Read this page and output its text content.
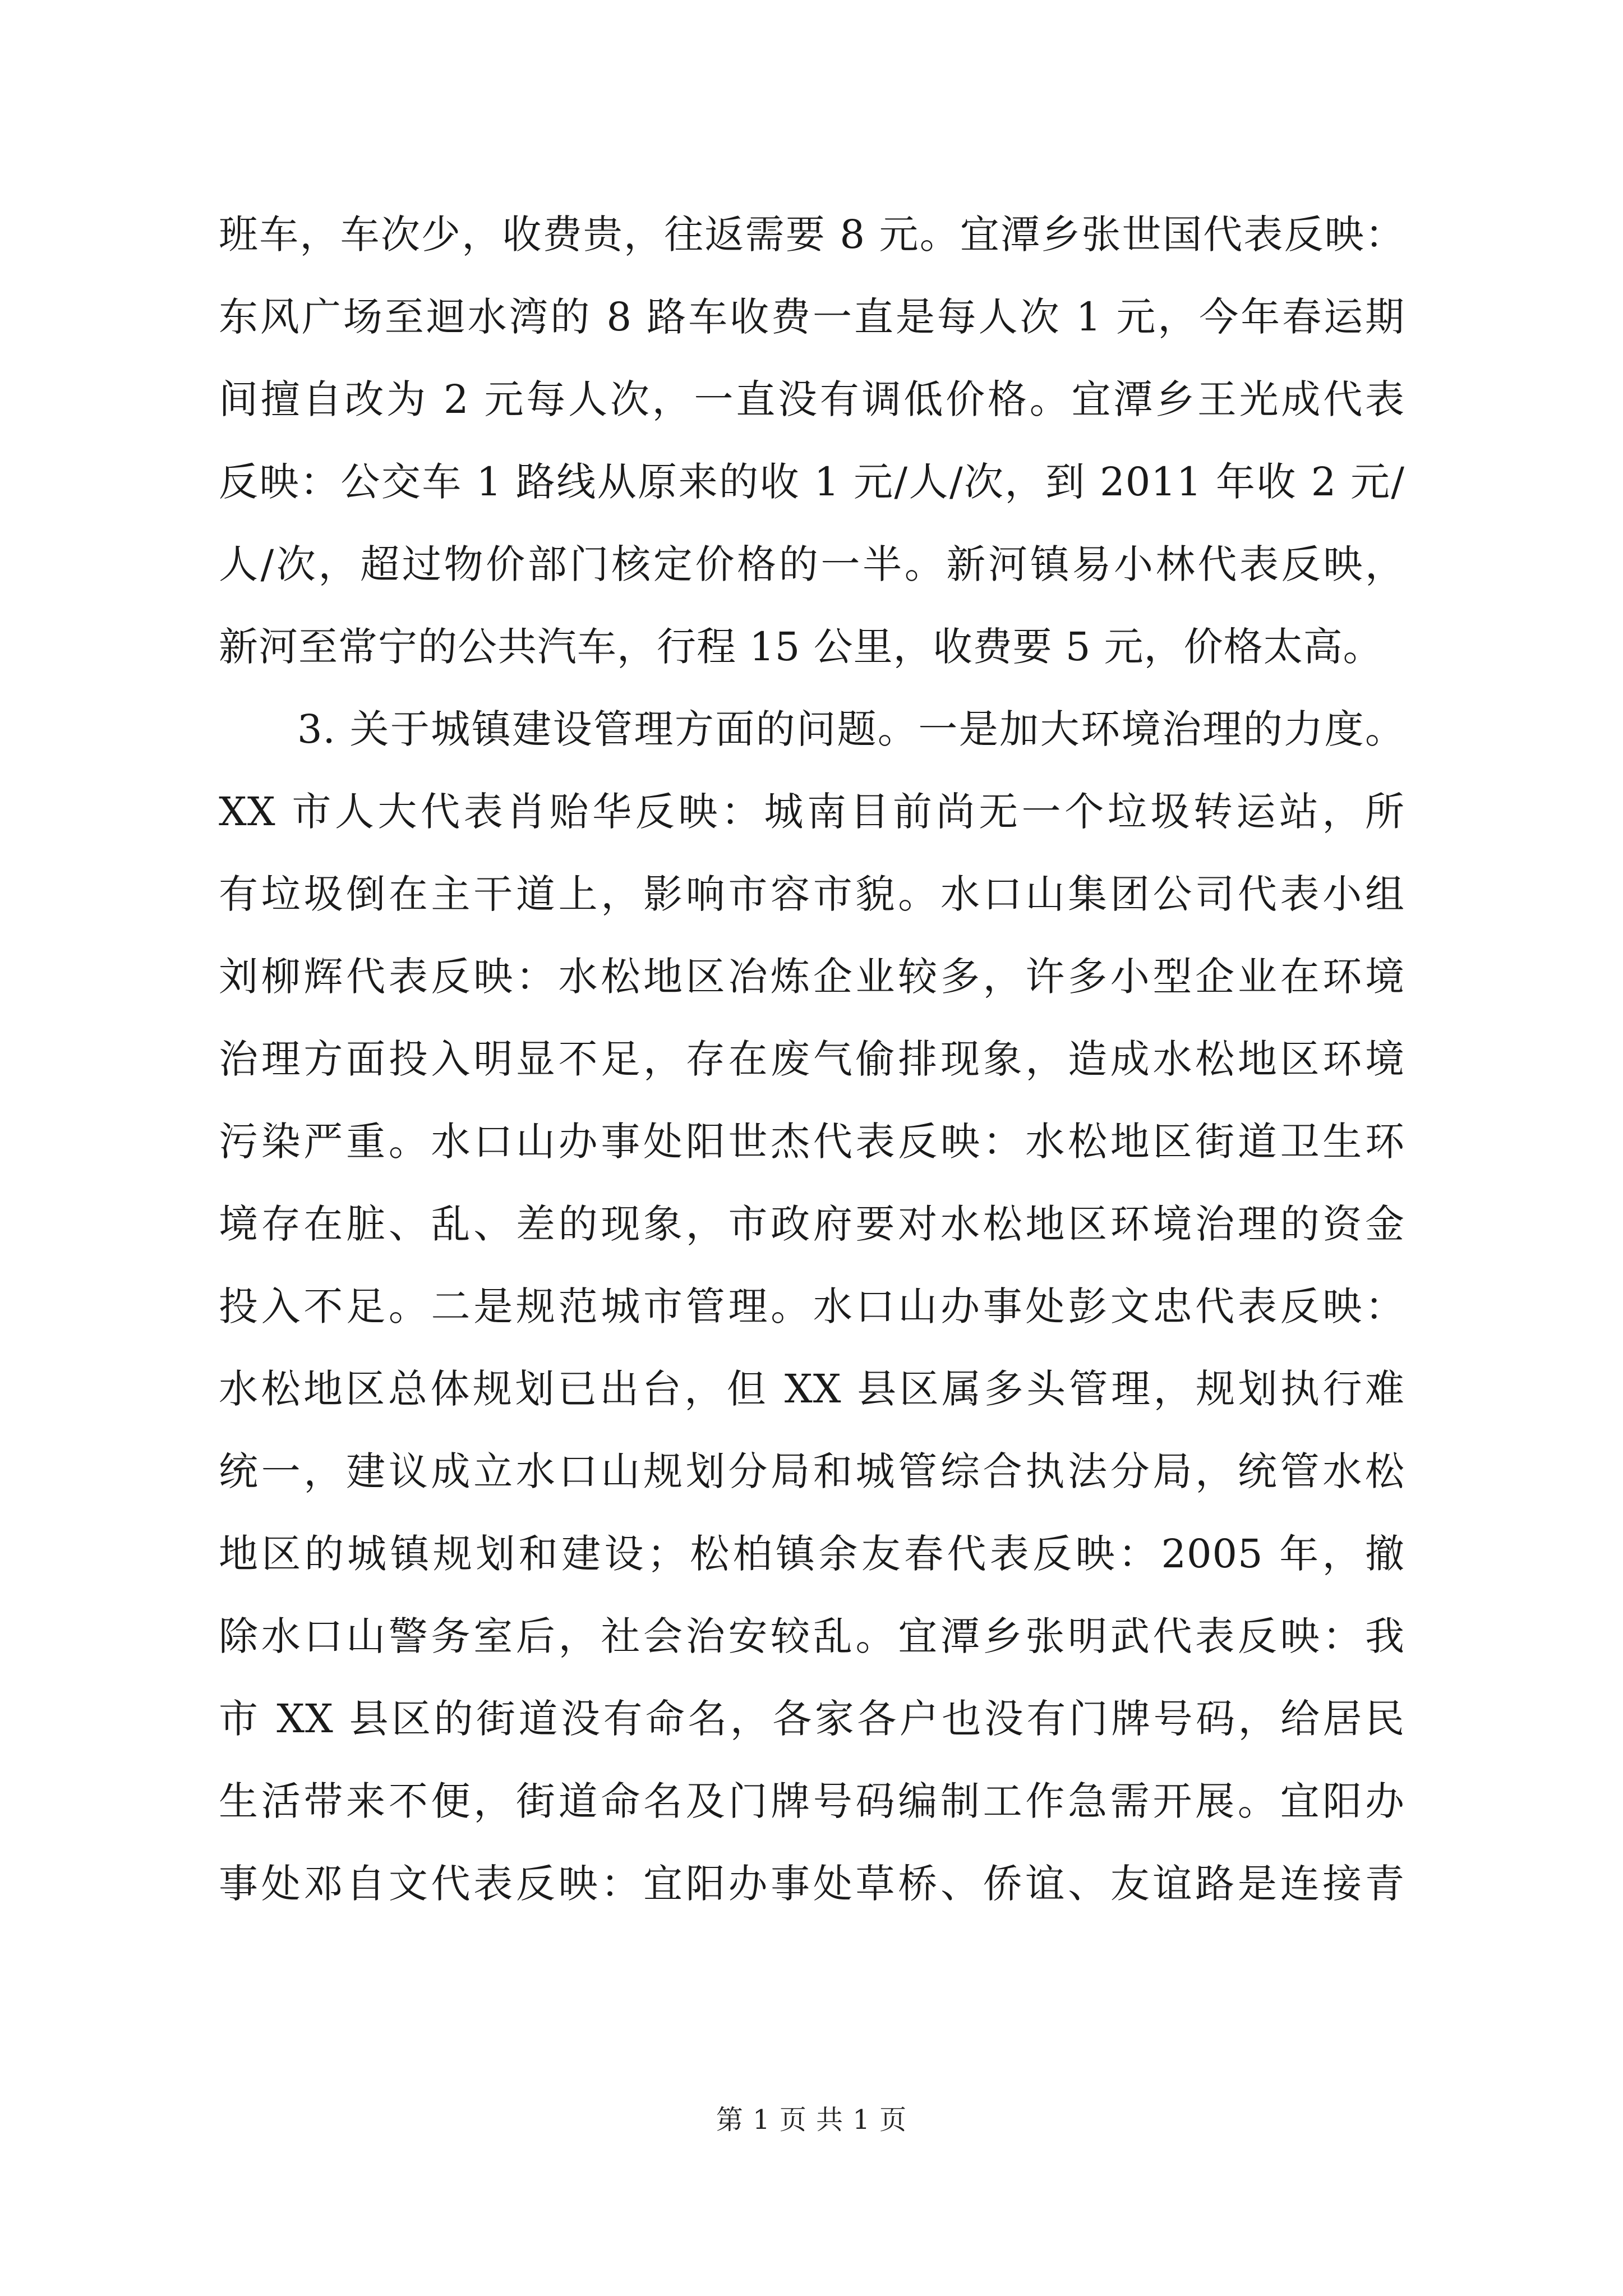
班车，车次少，收费贵，往返需要 8 元。宜潭乡张世国代表反映：
东风广场至迴水湾的 8 路车收费一直是每人次 1 元，今年春运期
间擅自改为 2 元每人次，一直没有调低价格。宜潭乡王光成代表
反映：公交车 1 路线从原来的收 1 元/人/次，到 2011 年收 2 元/
人/次，超过物价部门核定价格的一半。新河镇易小林代表反映，
新河至常宁的公共汽车，行程 15 公里，收费要 5 元，价格太高。
3. 关于城镇建设管理方面的问题。一是加大环境治理的力度。
XX 市人大代表肖贻华反映：城南目前尚无一个垃圾转运站，所
有垃圾倒在主干道上，影响市容市貌。水口山集团公司代表小组
刘柳辉代表反映：水松地区冶炼企业较多，许多小型企业在环境
治理方面投入明显不足，存在废气偷排现象，造成水松地区环境
污染严重。水口山办事处阳世杰代表反映：水松地区街道卫生环
境存在脏、乱、差的现象，市政府要对水松地区环境治理的资金
投入不足。二是规范城市管理。水口山办事处彭文忠代表反映：
水松地区总体规划已出台，但 XX 县区属多头管理，规划执行难
统一，建议成立水口山规划分局和城管综合执法分局，统管水松
地区的城镇规划和建设；松柏镇余友春代表反映：2005 年，撤
除水口山警务室后，社会治安较乱。宜潭乡张明武代表反映：我
市 XX 县区的街道没有命名，各家各户也没有门牌号码，给居民
生活带来不便，街道命名及门牌号码编制工作急需开展。宜阳办
事处邓自文代表反映：宜阳办事处草桥、侨谊、友谊路是连接青
第 1 页 共 1 页
